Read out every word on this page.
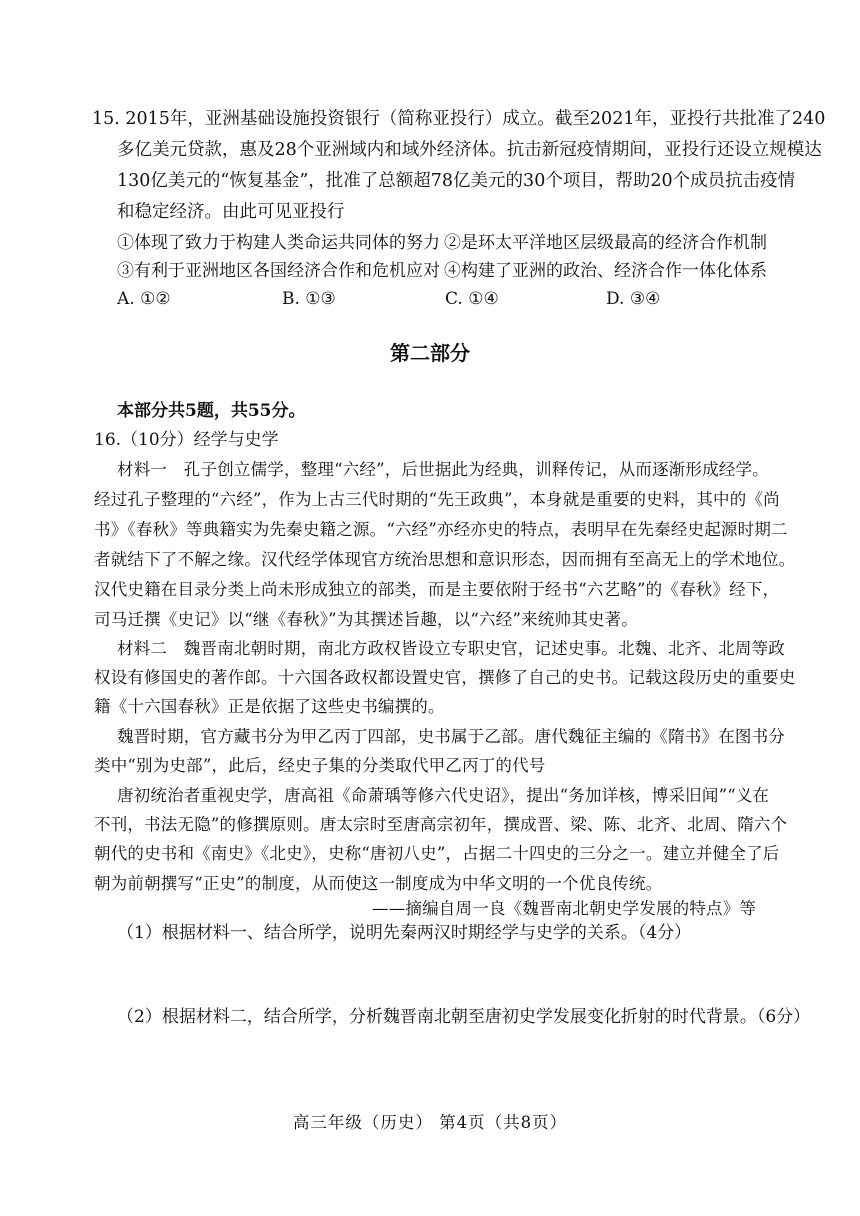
15. 2015年，亚洲基础设施投资银行（简称亚投行）成立。截至2021年，亚投行共批准了240
多亿美元贷款，惠及28个亚洲域内和域外经济体。抗击新冠疫情期间，亚投行还设立规模达
130亿美元的“恢复基金”，批准了总额超78亿美元的30个项目，帮助20个成员抗击疫情
和稳定经济。由此可见亚投行
①体现了致力于构建人类命运共同体的努力 ②是环太平洋地区层级最高的经济合作机制
③有利于亚洲地区各国经济合作和危机应对 ④构建了亚洲的政治、经济合作一体化体系
A. ①②	B. ①③	C. ①④	D. ③④
第二部分
本部分共5题，共55分。
16.（10分）经学与史学
材料一　孔子创立儒学，整理“六经”，后世据此为经典，训释传记，从而逐渐形成经学。
经过孔子整理的“六经”，作为上古三代时期的“先王政典”，本身就是重要的史料，其中的《尚
书》《春秋》等典籍实为先秦史籍之源。“六经”亦经亦史的特点，表明早在先秦经史起源时期二
者就结下了不解之缘。汉代经学体现官方统治思想和意识形态，因而拥有至高无上的学术地位。
汉代史籍在目录分类上尚未形成独立的部类，而是主要依附于经书“六艺略”的《春秋》经下，
司马迁撰《史记》以“继《春秋》”为其撰述旨趣，以“六经”来统帅其史著。
材料二　魏晋南北朝时期，南北方政权皆设立专职史官，记述史事。北魏、北齐、北周等政
权设有修国史的著作郎。十六国各政权都设置史官，撰修了自己的史书。记载这段历史的重要史
籍《十六国春秋》正是依据了这些史书编撰的。
魏晋时期，官方藏书分为甲乙丙丁四部，史书属于乙部。唐代魏征主编的《隋书》在图书分
类中“别为史部”，此后，经史子集的分类取代甲乙丙丁的代号
唐初统治者重视史学，唐高祖《命萧瑀等修六代史诏》，提出“务加详核，博采旧闻”“义在
不刊，书法无隐”的修撰原则。唐太宗时至唐高宗初年，撰成晋、梁、陈、北齐、北周、隋六个
朝代的史书和《南史》《北史》，史称“唐初八史”，占据二十四史的三分之一。建立并健全了后
朝为前朝撰写“正史”的制度，从而使这一制度成为中华文明的一个优良传统。
——摘编自周一良《魏晋南北朝史学发展的特点》等
（1）根据材料一、结合所学，说明先秦两汉时期经学与史学的关系。（4分）
（2）根据材料二，结合所学，分析魏晋南北朝至唐初史学发展变化折射的时代背景。（6分）
高三年级（历史） 第4页（共8页）
